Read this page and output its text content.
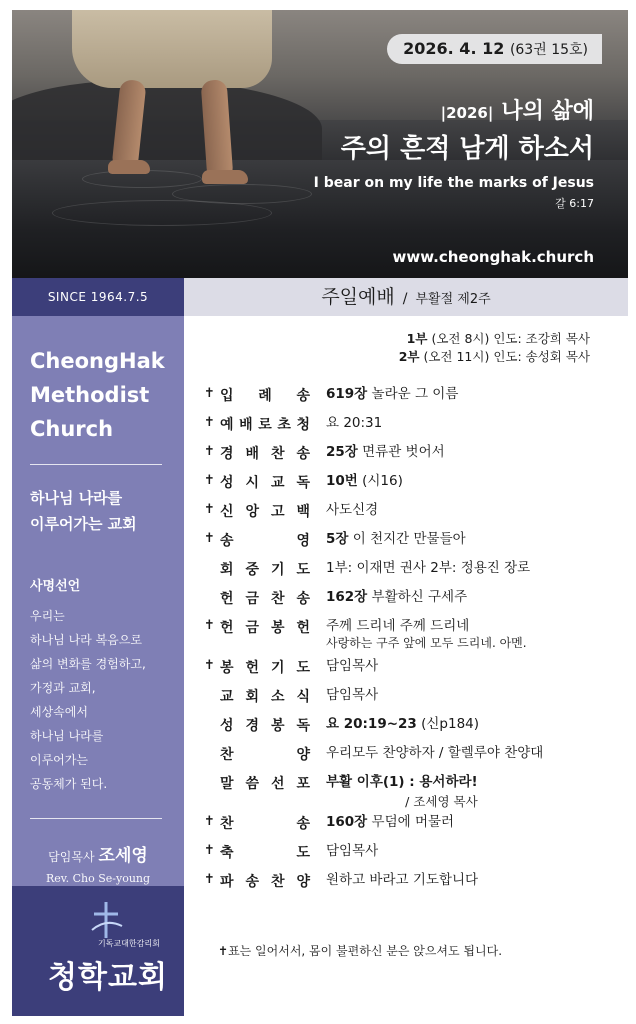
2026. 4. 12 (63권 15호)
|2026| 나의 삶에
주의 흔적 남게 하소서
I bear on my life the marks of Jesus
갈 6:17
www.cheonghak.church
SINCE 1964.7.5
CheongHak
Methodist
Church
하나님 나라를
이루어가는 교회
사명선언
우리는
하나님 나라 복음으로
삶의 변화를 경험하고,
가정과 교회,
세상속에서
하나님 나라를
이루어가는
공동체가 된다.
담임목사 조세영
Rev. Cho Se-young
기독교대한감리회
청학교회
주일예배 / 부활절 제2주
1부 (오전 8시) 인도: 조강희 목사
2부 (오전 11시) 인도: 송성회 목사
✝ 입 례 송 619장 놀라운 그 이름
✝ 예 배 로 초 청 요 20:31
✝ 경 배 찬 송 25장 면류관 벗어서
✝ 성 시 교 독 10번 (시16)
✝ 신 앙 고 백 사도신경
✝ 송	영 5장 이 천지간 만물들아
회 중 기 도 1부: 이재면 권사 2부: 정용진 장로
헌 금 찬 송 162장 부활하신 구세주
✝ 헌 금 봉 헌 주께 드리네 주께 드리네
사랑하는 구주 앞에 모두 드리네. 아멘.
✝ 봉 헌 기 도 담임목사
교 회 소 식 담임목사
성 경 봉 독 요 20:19~23 (신p184)
찬	양 우리모두 찬양하자 / 할렐루야 찬양대
말 씀 선 포 부활 이후(1) : 용서하라!
/ 조세영 목사
✝ 찬	송 160장 무덤에 머물러
✝ 축	도 담임목사
✝ 파 송 찬 양 원하고 바라고 기도합니다
✝표는 일어서서, 몸이 불편하신 분은 앉으셔도 됩니다.
